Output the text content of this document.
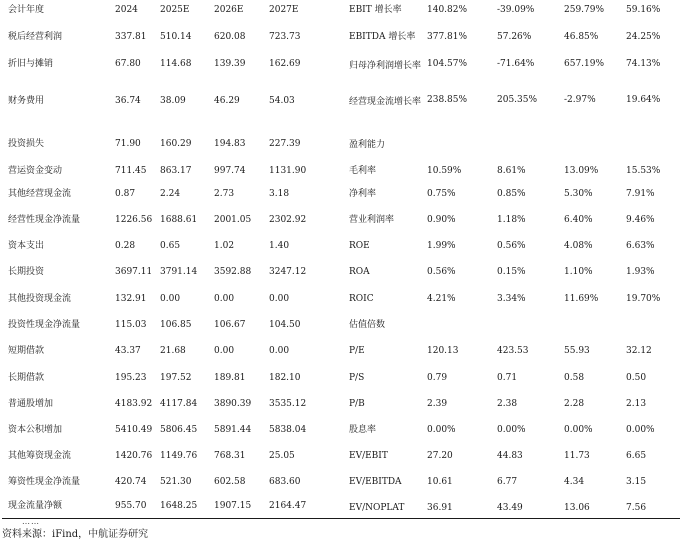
会计年度	2024 2025E	2026E	2027E
税后经营利润	337.81 510.14	620.08	723.73
折旧与摊销	67.80 114.68	139.39	162.69
财务费用	36.74 38.09	46.29	54.03
投资损失	71.90 160.29	194.83	227.39
营运资金变动	711.45 863.17	997.74	1131.90
其他经营现金流	0.87	2.24	2.73	3.18
经营性现金净流量	1226.56 1688.61 2001.05 2302.92
资本支出	0.28	0.65	1.02	1.40
长期投资	3697.11 3791.14 3592.88 3247.12
其他投资现金流	132.91 0.00	0.00	0.00
投资性现金净流量	115.03 106.85	106.67	104.50
短期借款	43.37 21.68	0.00	0.00
长期借款	195.23 197.52	189.81	182.10
普通股增加	4183.92 4117.84 3890.39 3535.12
资本公积增加	5410.49 5806.45 5891.44 5838.04
其他筹资现金流	1420.76 1149.76 768.31	25.05
筹资性现金净流量	420.74 521.30	602.58	683.60
现金流量净额	955.70 1648.25 1907.15 2164.47
EBIT 增长率	140.82%	-39.09%	259.79% 59.16%
EBITDA 增长率 377.81%	57.26%	46.85%	24.25%
归母净利润增长率 104.57%	-71.64%	657.19% 74.13%
经营现金流增长率 238.85%	205.35%	-2.97%	19.64%
盈利能力
毛利率	10.59%	8.61%	13.09%	15.53%
净利率	0.75%	0.85%	5.30%	7.91%
营业利润率	0.90%	1.18%	6.40%	9.46%
ROE	1.99%	0.56%	4.08%	6.63%
ROA	0.56%	0.15%	1.10%	1.93%
ROIC	4.21%	3.34%	11.69%	19.70%
估值倍数
P/E	120.13	423.53	55.93	32.12
P/S	0.79	0.71	0.58	0.50
P/B	2.39	2.38	2.28	2.13
股息率	0.00%	0.00%	0.00%	0.00%
EV/EBIT	27.20	44.83	11.73	6.65
EV/EBITDA	10.61	6.77	4.34	3.15
EV/NOPLAT	36.91	43.49	13.06	7.56
……
资料来源：iFind，中航证券研究
